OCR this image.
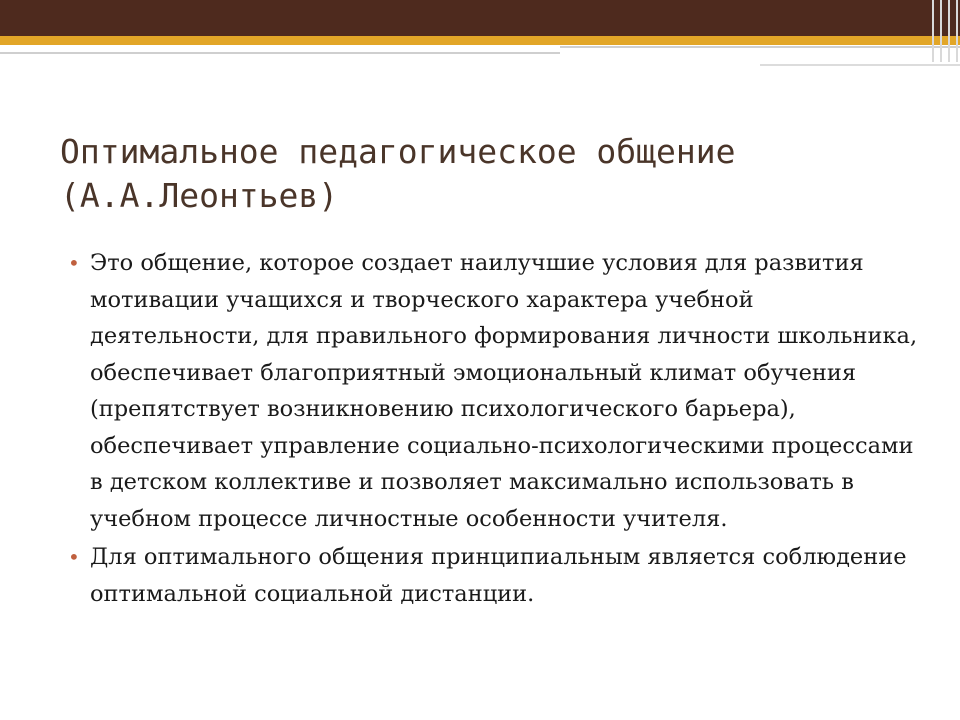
Оптимальное педагогическое общение
(А.А.Леонтьев)
• Это общение, которое создает наилучшие условия для развития мотивации учащихся и творческого характера учебной деятельности, для правильного формирования личности школьника, обеспечивает благоприятный эмоциональный климат обучения (препятствует возникновению психологического барьера), обеспечивает управление социально-психологическими процессами в детском коллективе и позволяет максимально использовать в учебном процессе личностные особенности учителя.
• Для оптимального общения принципиальным является соблюдение оптимальной социальной дистанции.
